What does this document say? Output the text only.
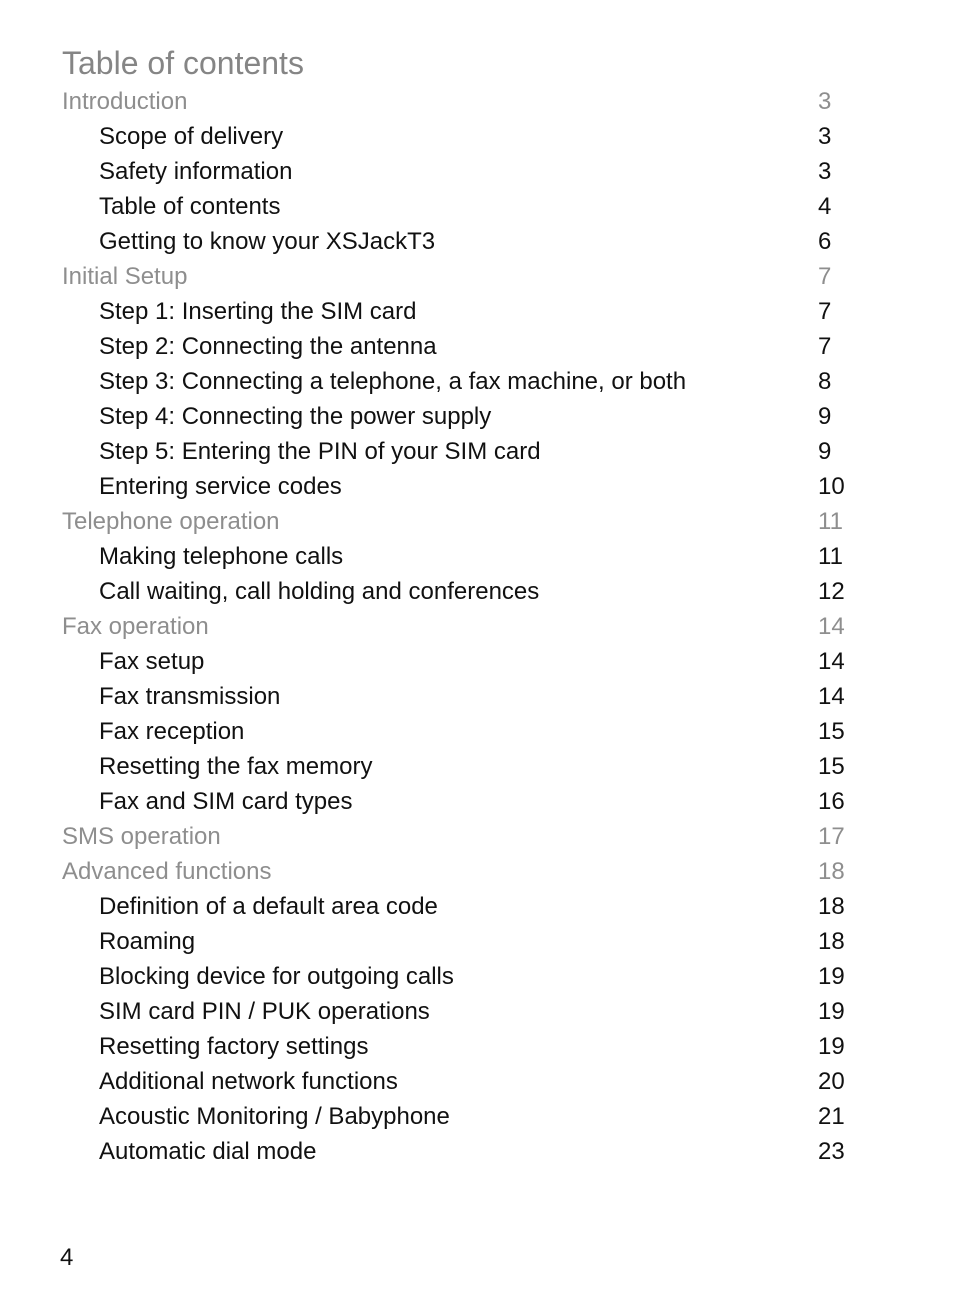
Table of contents
Introduction	3
Scope of delivery	3
Safety information	3
Table of contents	4
Getting to know your XSJackT3	6
Initial Setup	7
Step 1: Inserting the SIM card	7
Step 2: Connecting the antenna	7
Step 3: Connecting a telephone, a fax machine, or both	8
Step 4: Connecting the power supply	9
Step 5: Entering the PIN of your SIM card	9
Entering service codes	10
Telephone operation	11
Making telephone calls	11
Call waiting, call holding and conferences	12
Fax operation	14
Fax setup	14
Fax transmission	14
Fax reception	15
Resetting the fax memory	15
Fax and SIM card types	16
SMS operation	17
Advanced functions	18
Definition of a default area code	18
Roaming	18
Blocking device for outgoing calls	19
SIM card PIN / PUK operations	19
Resetting factory settings	19
Additional network functions	20
Acoustic Monitoring / Babyphone	21
Automatic dial mode	23
4
